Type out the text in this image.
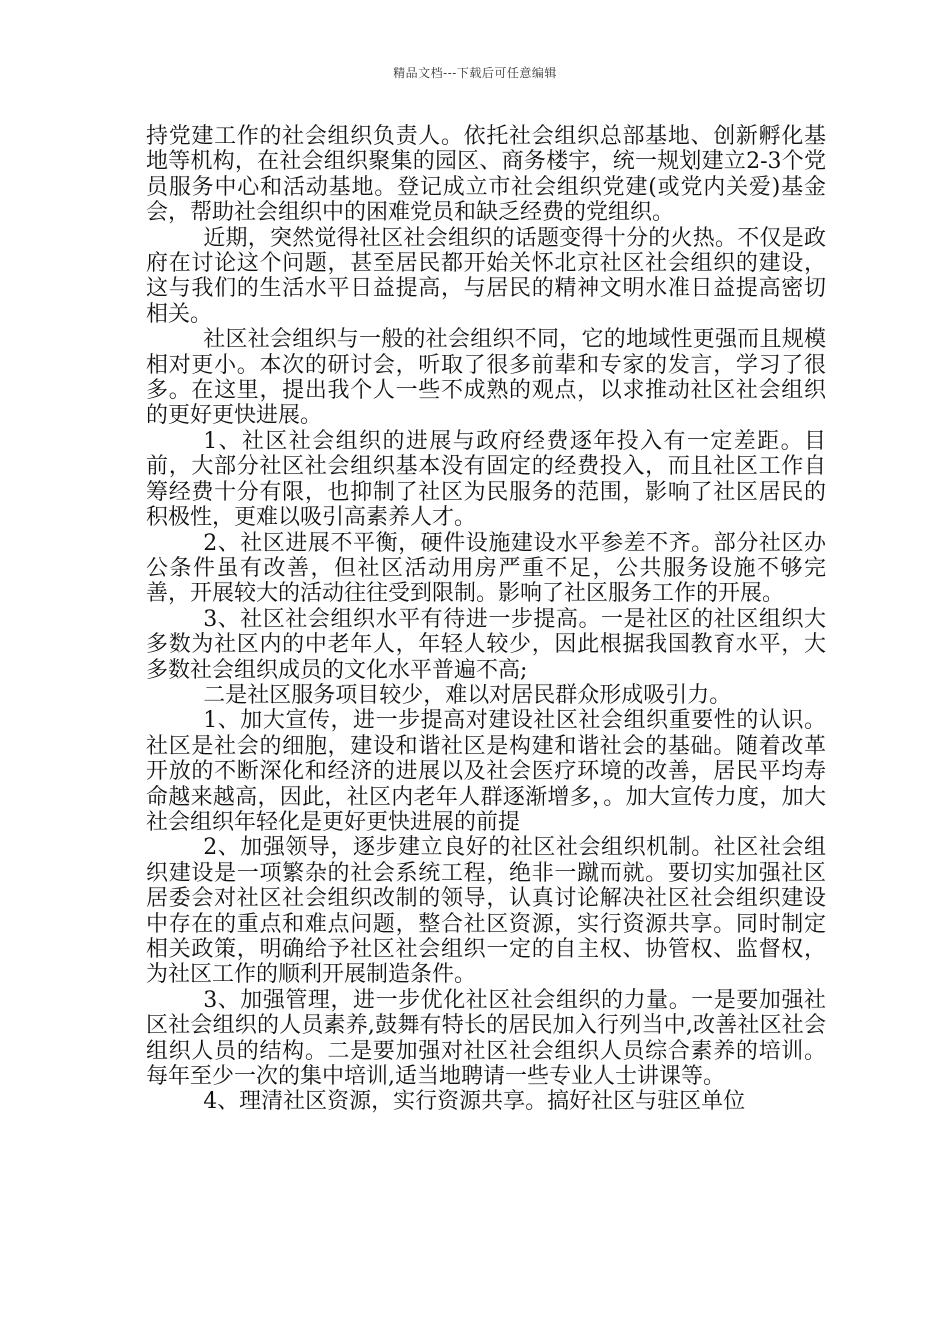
精品文档---下载后可任意编辑

持党建工作的社会组织负责人。依托社会组织总部基地、创新孵化基地等机构，在社会组织聚集的园区、商务楼宇，统一规划建立2-3个党员服务中心和活动基地。登记成立市社会组织党建(或党内关爱)基金会，帮助社会组织中的困难党员和缺乏经费的党组织。

近期，突然觉得社区社会组织的话题变得十分的火热。不仅是政府在讨论这个问题，甚至居民都开始关怀北京社区社会组织的建设，这与我们的生活水平日益提高，与居民的精神文明水准日益提高密切相关。

社区社会组织与一般的社会组织不同，它的地域性更强而且规模相对更小。本次的研讨会，听取了很多前辈和专家的发言，学习了很多。在这里，提出我个人一些不成熟的观点，以求推动社区社会组织的更好更快进展。

1、社区社会组织的进展与政府经费逐年投入有一定差距。目前，大部分社区社会组织基本没有固定的经费投入，而且社区工作自筹经费十分有限，也抑制了社区为民服务的范围，影响了社区居民的积极性，更难以吸引高素养人才。

2、社区进展不平衡，硬件设施建设水平参差不齐。部分社区办公条件虽有改善，但社区活动用房严重不足，公共服务设施不够完善，开展较大的活动往往受到限制。影响了社区服务工作的开展。

3、社区社会组织水平有待进一步提高。一是社区的社区组织大多数为社区内的中老年人，年轻人较少，因此根据我国教育水平，大多数社会组织成员的文化水平普遍不高;

二是社区服务项目较少，难以对居民群众形成吸引力。

1、加大宣传，进一步提高对建设社区社会组织重要性的认识。社区是社会的细胞，建设和谐社区是构建和谐社会的基础。随着改革开放的不断深化和经济的进展以及社会医疗环境的改善，居民平均寿命越来越高，因此，社区内老年人群逐渐增多，。加大宣传力度，加大社会组织年轻化是更好更快进展的前提

2、加强领导，逐步建立良好的社区社会组织机制。社区社会组织建设是一项繁杂的社会系统工程，绝非一蹴而就。要切实加强社区居委会对社区社会组织改制的领导，认真讨论解决社区社会组织建设中存在的重点和难点问题，整合社区资源，实行资源共享。同时制定相关政策，明确给予社区社会组织一定的自主权、协管权、监督权，为社区工作的顺利开展制造条件。

3、加强管理，进一步优化社区社会组织的力量。一是要加强社区社会组织的人员素养,鼓舞有特长的居民加入行列当中,改善社区社会组织人员的结构。二是要加强对社区社会组织人员综合素养的培训。每年至少一次的集中培训,适当地聘请一些专业人士讲课等。

4、理清社区资源，实行资源共享。搞好社区与驻区单位
